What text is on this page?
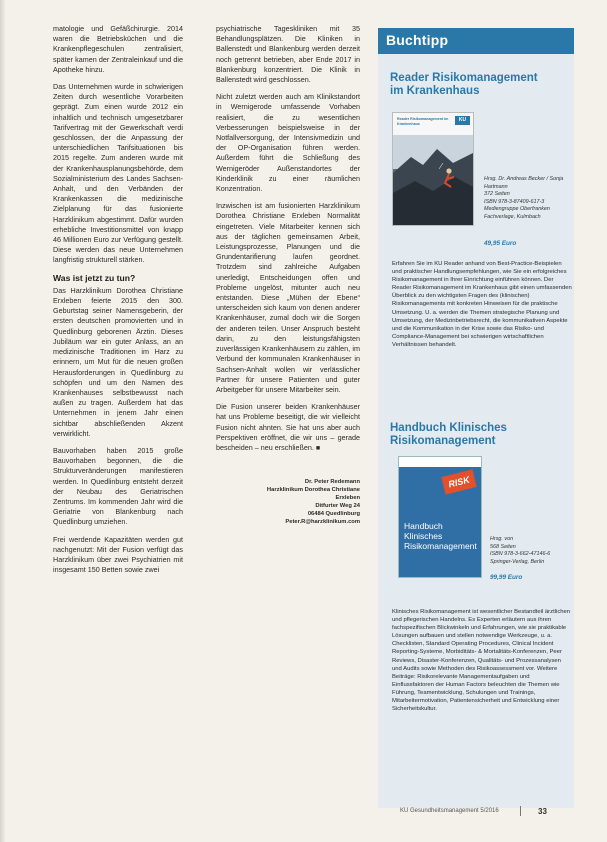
matologie und Gefäßchirurgie. 2014 waren die Betriebsküchen und die Krankenpflegeschulen zentralisiert, später kamen der Zentraleinkauf und die Apotheke hinzu.

Das Unternehmen wurde in schwierigen Zeiten durch wesentliche Vorarbeiten geprägt. Zum einen wurde 2012 ein inhaltlich und technisch umgesetzbarer Tarifvertrag mit der Gewerkschaft verdi geschlossen, der die Anpassung der unterschiedlichen Tarifsituationen bis 2015 regelte. Zum anderen wurde mit der Krankenhausplanungsbehörde, dem Sozialministerium des Landes Sachsen-Anhalt, und den Verbänden der Krankenkassen die medizinische Zielplanung für das fusionierte Harzklinikum abgestimmt. Dafür wurden erhebliche Investitionsmittel von knapp 46 Millionen Euro zur Verfügung gestellt. Diese werden das neue Unternehmen langfristig strukturell stärken.

Was ist jetzt zu tun?

Das Harzklinikum Dorothea Christiane Erxleben feierte 2015 den 300. Geburtstag seiner Namensgeberin, der ersten deutschen promovierten und in Quedlinburg geborenen Ärztin. Dieses Jubiläum war ein guter Anlass, an an medizinische Traditionen im Harz zu erinnern, um Mut für die neuen großen Herausforderungen in Quedlinburg zu schöpfen und um den Namen des Krankenhauses selbstbewusst nach außen zu tragen. Außerdem hat das Unternehmen in jenem Jahr einen sichtbar abschließenden Akzent verwirklicht.

Bauvorhaben haben 2015 große Bauvorhaben begonnen, die die Strukturveränderungen manifestieren werden. In Quedlinburg entsteht derzeit der Neubau des Geriatrischen Zentrums. Im kommenden Jahr wird die Geriatrie von Blankenburg nach Quedlinburg umziehen.

Frei werdende Kapazitäten werden gut nachgenutzt: Mit der Fusion verfügt das Harzklinikum über zwei Psychiatrien mit insgesamt 150 Betten sowie zwei

psychiatrische Tageskliniken mit 35 Behandlungsplätzen. Die Kliniken in Ballenstedt und Blankenburg werden derzeit noch getrennt betrieben, aber Ende 2017 in Blankenburg konzentriert. Die Klinik in Ballenstedt wird geschlossen.

Nicht zuletzt werden auch am Klinikstandort in Wernigerode umfassende Vorhaben realisiert, die zu wesentlichen Verbesserungen beispielsweise in der Notfallversorgung, der Intensivmedizin und der OP-Organisation führen werden. Außerdem führt die Schließung des Wernigeröder Außenstandortes der Kinderklinik zu einer räumlichen Konzentration.

Inzwischen ist am fusionierten Harzklinikum Dorothea Christiane Erxleben Normalität eingetreten. Viele Mitarbeiter kennen sich aus der täglichen gemeinsamen Arbeit, Leistungsprozesse, Planungen und die Grundentarifierung laufen geordnet. Trotzdem sind zahlreiche Aufgaben unerledigt, Entscheidungen offen und Probleme ungelöst, mitunter auch neu entstanden. Diese „Mühen der Ebene“ unterscheiden sich kaum von denen anderer Krankenhäuser, zumal doch wir die Sorgen der anderen teilen. Unser Anspruch besteht darin, zu den leistungsfähigsten zuverlässigen Krankenhäusern zu zählen, im Verbund der kommunalen Krankenhäuser in Sachsen-Anhalt wollen wir verlässlicher Partner für unsere Patienten und guter Arbeitgeber für unsere Mitarbeiter sein.

Die Fusion unserer beiden Krankenhäuser hat uns Probleme beseitigt, die wir vielleicht Fusion nicht ahnten. Sie hat uns aber auch Perspektiven eröffnet, die wir uns – gerade bescheiden – neu erschließen. ■

Dr. Peter Redemann
Harzklinikum Dorothea Christiane
Erxleben
Ditfurter Weg 24
06484 Quedlinburg
Peter.R@harzklinikum.com
Buchtipp
Reader Risikomanagement
im Krankenhaus
Reader Risikomanagement im Krankenhaus
KU
Hrsg. Dr. Andreas Becker / Sonja Hartmann
372 Seiten
ISBN 978-3-87409-617-3
Mediengruppe Oberfranken
Fachverlage, Kulmbach
49,95 Euro
Erfahren Sie im KU Reader anhand von Best-Practice-Beispielen und praktischer Handlungsempfehlungen, wie Sie ein erfolgreiches Risikomanagement in Ihrer Einrichtung einführen können. Der Reader Risikomanagement im Krankenhaus gibt einen umfassenden Überblick zu den wichtigsten Fragen des (klinischen) Risikomanagements mit konkreten Hinweisen für die praktische Umsetzung. U. a. werden die Themen strategische Planung und Umsetzung, der Medizinbetriebsrecht, die kommunikativen Aspekte und die Kommunikation in der Krise sowie das Risiko- und Compliance-Management bei schwierigen wirtschaftlichen Verhältnissen behandelt.
Handbuch Klinisches
Risikomanagement
RISK
Handbuch Klinisches Risikomanagement
Hrsg. von
568 Seiten
ISBN 978-3-662-47146-6
Springer-Verlag, Berlin
99,99 Euro
Klinisches Risikomanagement ist wesentlicher Bestandteil ärztlichen und pflegerischen Handelns. Es Experten erläutern aus ihren fachspezifischen Blickwinkeln und Erfahrungen, wie sie praktikable Lösungen aufbauen und stellen notwendige Werkzeuge, u. a. Checklisten, Standard Operating Procedures, Clinical Incident Reporting-Systeme, Morbiditäts- & Mortalitäts-Konferenzen, Peer Reviews, Disaster-Konferenzen, Qualitäts- und Prozessanalysen und Audits sowie Methoden des Risikoassessment vor. Weitere Beiträge: Risikorelevante Managementaufgaben und Einflussfaktoren der Human Factors beleuchten die Themen wie Führung, Teamentwicklung, Schulungen und Trainings, Mitarbeitermotivation, Patientensicherheit und Entwicklung einer Sicherheitskultur.
KU Gesundheitsmanagement 5/2016	33
